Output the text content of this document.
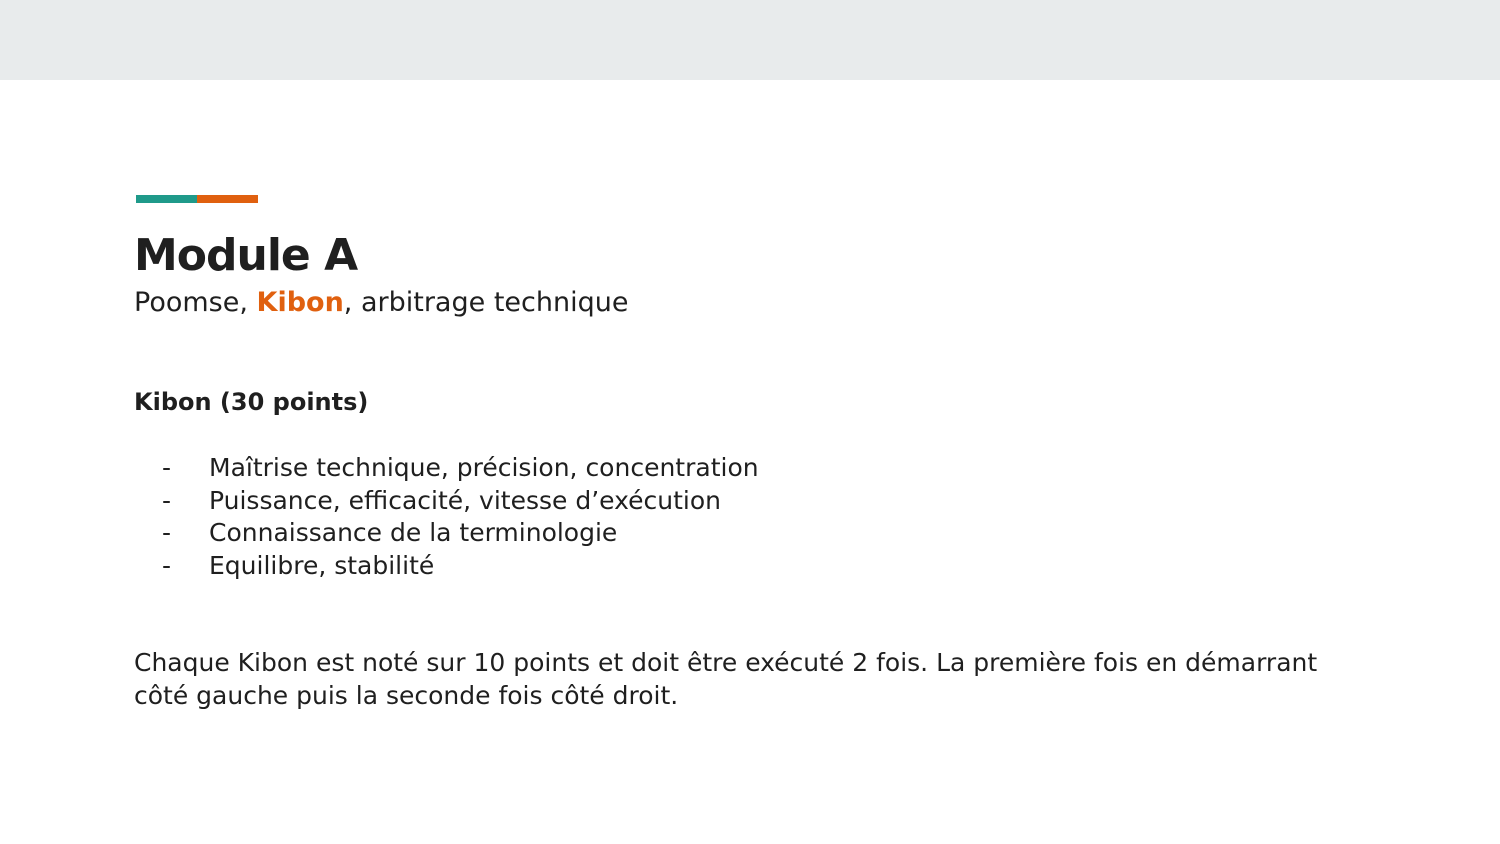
Module A
Poomse, Kibon, arbitrage technique
Kibon (30 points)
-	Maîtrise technique, précision, concentration
-	Puissance, efficacité, vitesse d’exécution
-	Connaissance de la terminologie
-	Equilibre, stabilité
Chaque Kibon est noté sur 10 points et doit être exécuté 2 fois. La première fois en démarrant côté gauche puis la seconde fois côté droit.
